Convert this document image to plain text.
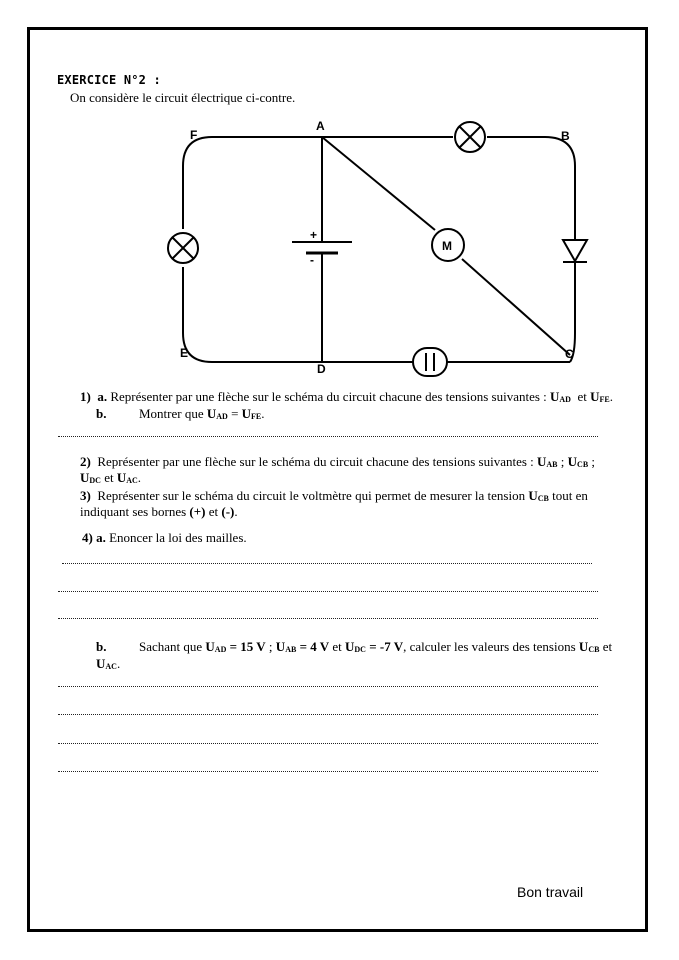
EXERCICE N°2 :
On considère le circuit électrique ci-contre.
+
-
M
A
B
C
D
E
F
1) a. Représenter par une flèche sur le schéma du circuit chacune des tensions suivantes : UAD et UFE.
b.	Montrer que UAD = UFE.
2) Représenter par une flèche sur le schéma du circuit chacune des tensions suivantes : UAB ; UCB ;
UDC et UAC.
3) Représenter sur le schéma du circuit le voltmètre qui permet de mesurer la tension UCB tout en
indiquant ses bornes (+) et (-).
4) a. Enoncer la loi des mailles.
b.	Sachant que UAD = 15 V ; UAB = 4 V et UDC = -7 V, calculer les valeurs des tensions UCB et
UAC.
Bon travail
